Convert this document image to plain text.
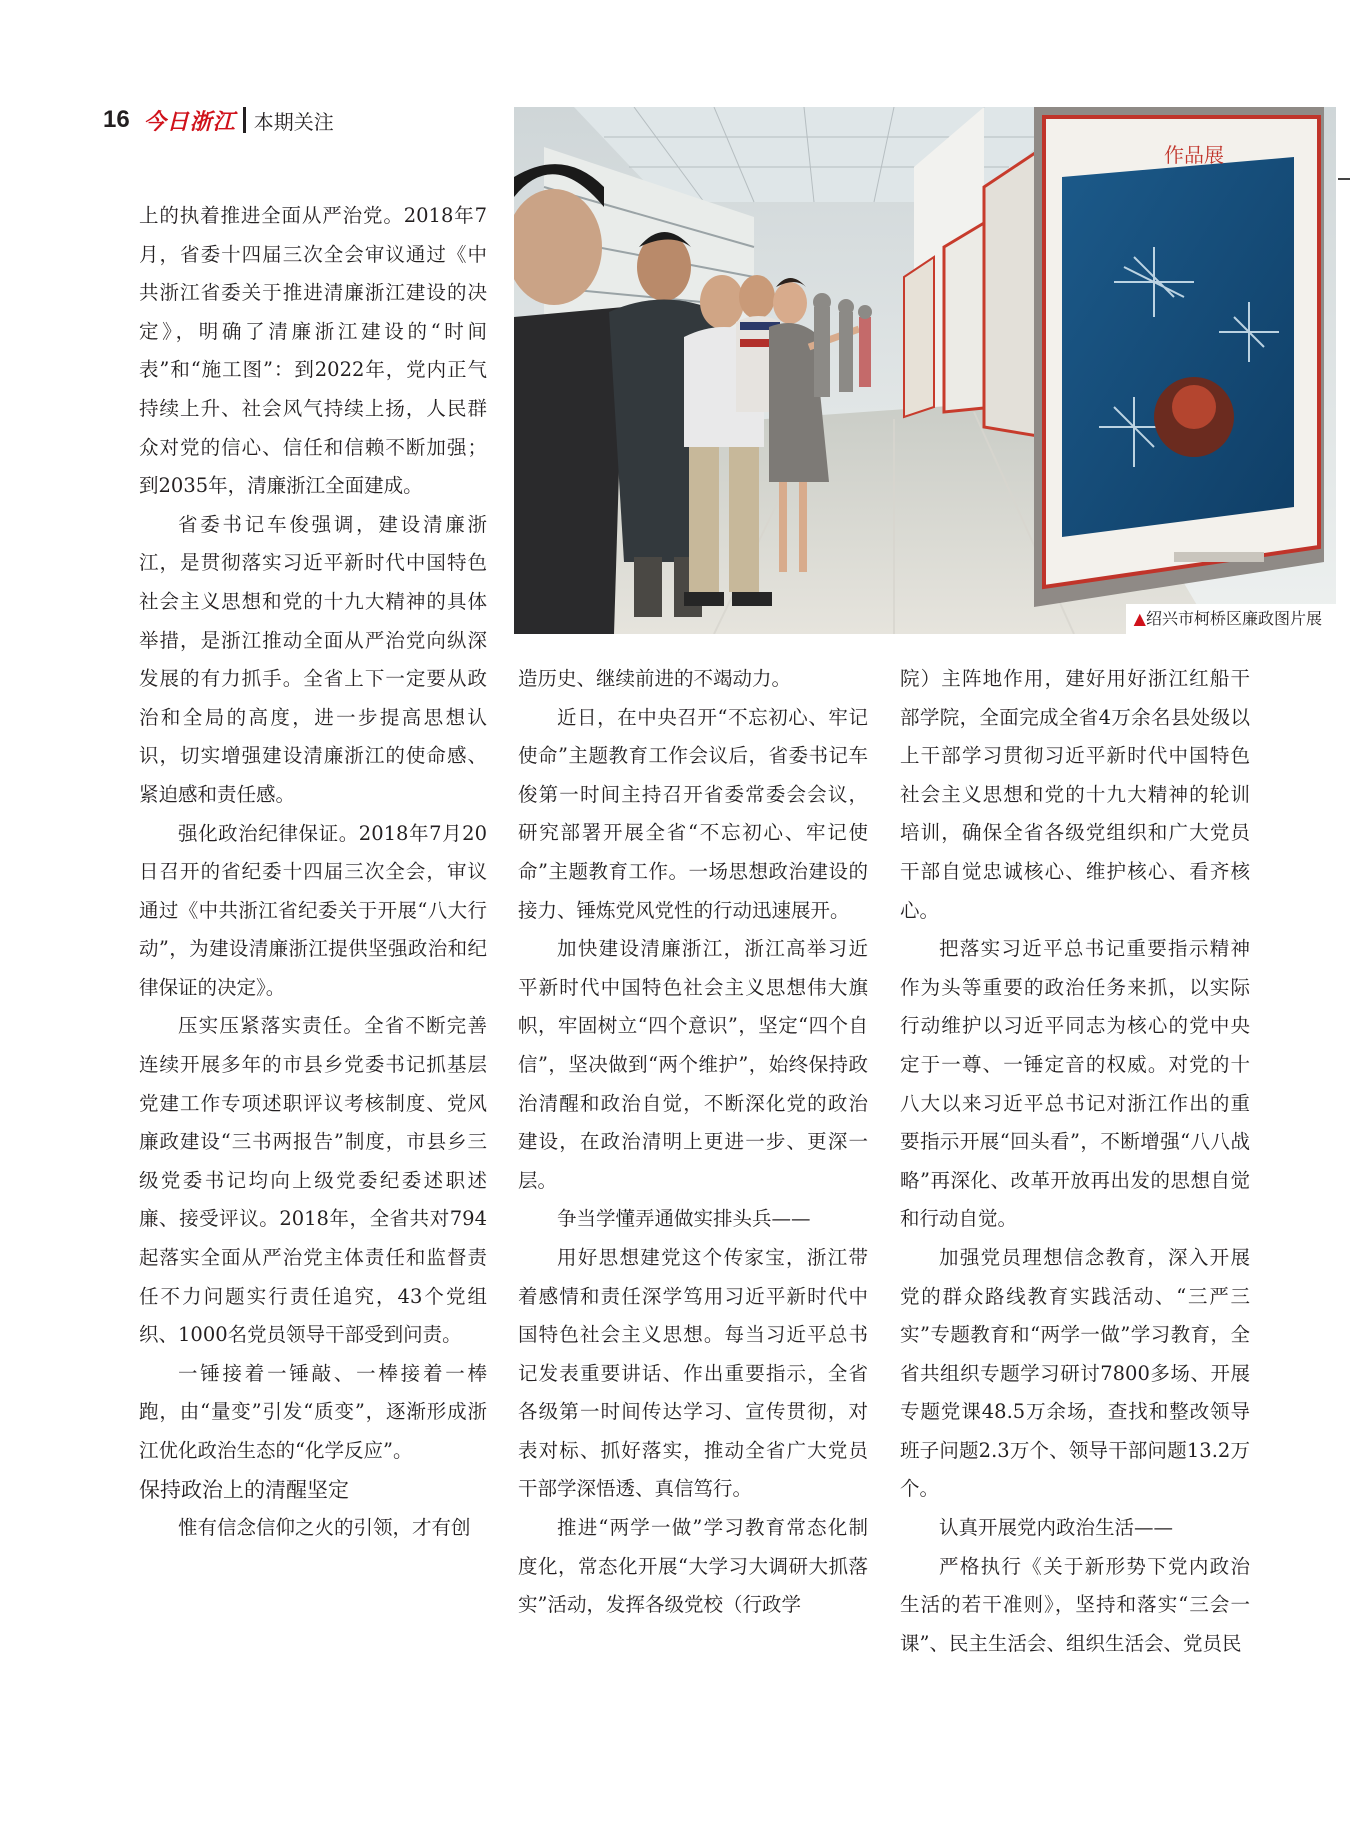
16 今日浙江 本期关注

上的执着推进全面从严治党。2018年7月，省委十四届三次全会审议通过《中共浙江省委关于推进清廉浙江建设的决定》，明确了清廉浙江建设的“时间表”和“施工图”：到2022年，党内正气持续上升、社会风气持续上扬，人民群众对党的信心、信任和信赖不断加强；到2035年，清廉浙江全面建成。

省委书记车俊强调，建设清廉浙江，是贯彻落实习近平新时代中国特色社会主义思想和党的十九大精神的具体举措，是浙江推动全面从严治党向纵深发展的有力抓手。全省上下一定要从政治和全局的高度，进一步提高思想认识，切实增强建设清廉浙江的使命感、紧迫感和责任感。

强化政治纪律保证。2018年7月20日召开的省纪委十四届三次全会，审议通过《中共浙江省纪委关于开展“八大行动”，为建设清廉浙江提供坚强政治和纪律保证的决定》。

压实压紧落实责任。全省不断完善连续开展多年的市县乡党委书记抓基层党建工作专项述职评议考核制度、党风廉政建设“三书两报告”制度，市县乡三级党委书记均向上级党委纪委述职述廉、接受评议。2018年，全省共对794起落实全面从严治党主体责任和监督责任不力问题实行责任追究，43个党组织、1000名党员领导干部受到问责。

一锤接着一锤敲、一棒接着一棒跑，由“量变”引发“质变”，逐渐形成浙江优化政治生态的“化学反应”。

保持政治上的清醒坚定

惟有信念信仰之火的引领，才有创

作品展
▲绍兴市柯桥区廉政图片展

造历史、继续前进的不竭动力。

近日，在中央召开“不忘初心、牢记使命”主题教育工作会议后，省委书记车俊第一时间主持召开省委常委会会议，研究部署开展全省“不忘初心、牢记使命”主题教育工作。一场思想政治建设的接力、锤炼党风党性的行动迅速展开。

加快建设清廉浙江，浙江高举习近平新时代中国特色社会主义思想伟大旗帜，牢固树立“四个意识”，坚定“四个自信”，坚决做到“两个维护”，始终保持政治清醒和政治自觉，不断深化党的政治建设，在政治清明上更进一步、更深一层。

争当学懂弄通做实排头兵——

用好思想建党这个传家宝，浙江带着感情和责任深学笃用习近平新时代中国特色社会主义思想。每当习近平总书记发表重要讲话、作出重要指示，全省各级第一时间传达学习、宣传贯彻，对表对标、抓好落实，推动全省广大党员干部学深悟透、真信笃行。

推进“两学一做”学习教育常态化制度化，常态化开展“大学习大调研大抓落实”活动，发挥各级党校（行政学

院）主阵地作用，建好用好浙江红船干部学院，全面完成全省4万余名县处级以上干部学习贯彻习近平新时代中国特色社会主义思想和党的十九大精神的轮训培训，确保全省各级党组织和广大党员干部自觉忠诚核心、维护核心、看齐核心。

把落实习近平总书记重要指示精神作为头等重要的政治任务来抓，以实际行动维护以习近平同志为核心的党中央定于一尊、一锤定音的权威。对党的十八大以来习近平总书记对浙江作出的重要指示开展“回头看”，不断增强“八八战略”再深化、改革开放再出发的思想自觉和行动自觉。

加强党员理想信念教育，深入开展党的群众路线教育实践活动、“三严三实”专题教育和“两学一做”学习教育，全省共组织专题学习研讨7800多场、开展专题党课48.5万余场，查找和整改领导班子问题2.3万个、领导干部问题13.2万个。

认真开展党内政治生活——

严格执行《关于新形势下党内政治生活的若干准则》，坚持和落实“三会一课”、民主生活会、组织生活会、党员民
